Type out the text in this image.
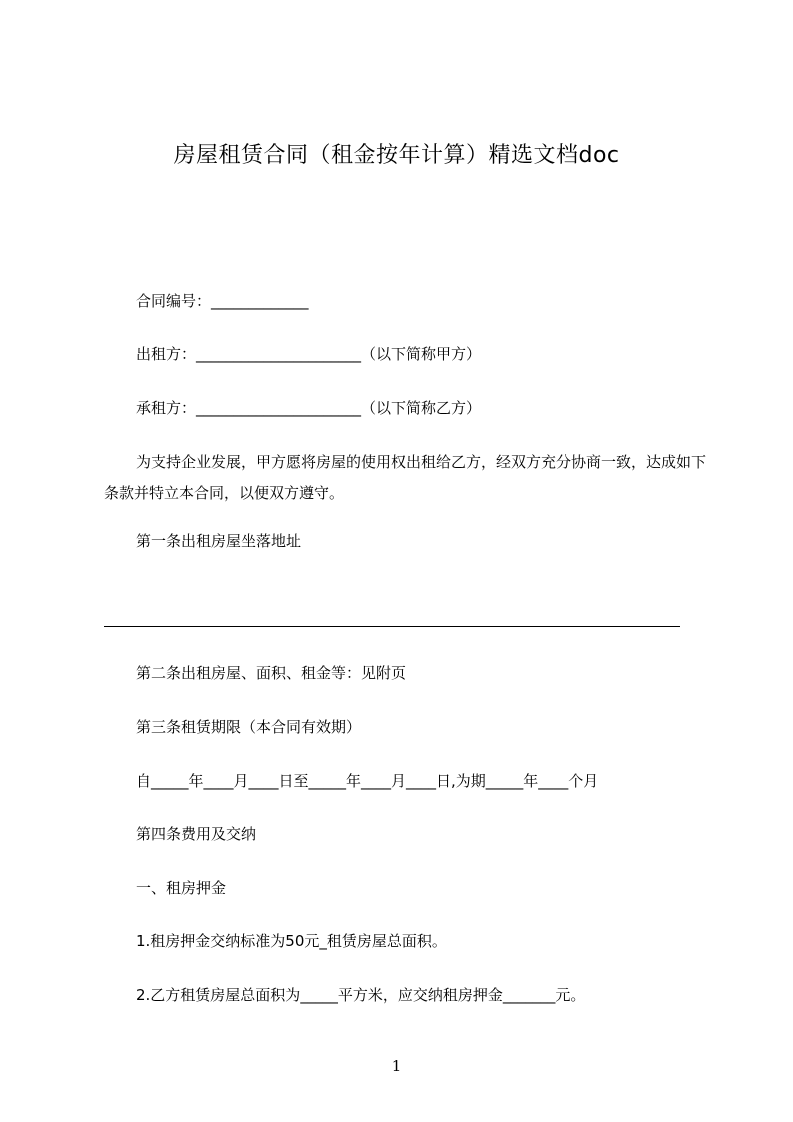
房屋租赁合同（租金按年计算）精选文档doc
合同编号：_____________
出租方：______________________（以下简称甲方）
承租方：______________________（以下简称乙方）
为支持企业发展，甲方愿将房屋的使用权出租给乙方，经双方充分协商一致，达成如下条款并特立本合同，以便双方遵守。
第一条出租房屋坐落地址
第二条出租房屋、面积、租金等：见附页
第三条租赁期限（本合同有效期）
自_____年____月____日至_____年____月____日,为期_____年____个月
第四条费用及交纳
一、租房押金
1.租房押金交纳标准为50元_租赁房屋总面积。
2.乙方租赁房屋总面积为_____平方米，应交纳租房押金_______元。
1
